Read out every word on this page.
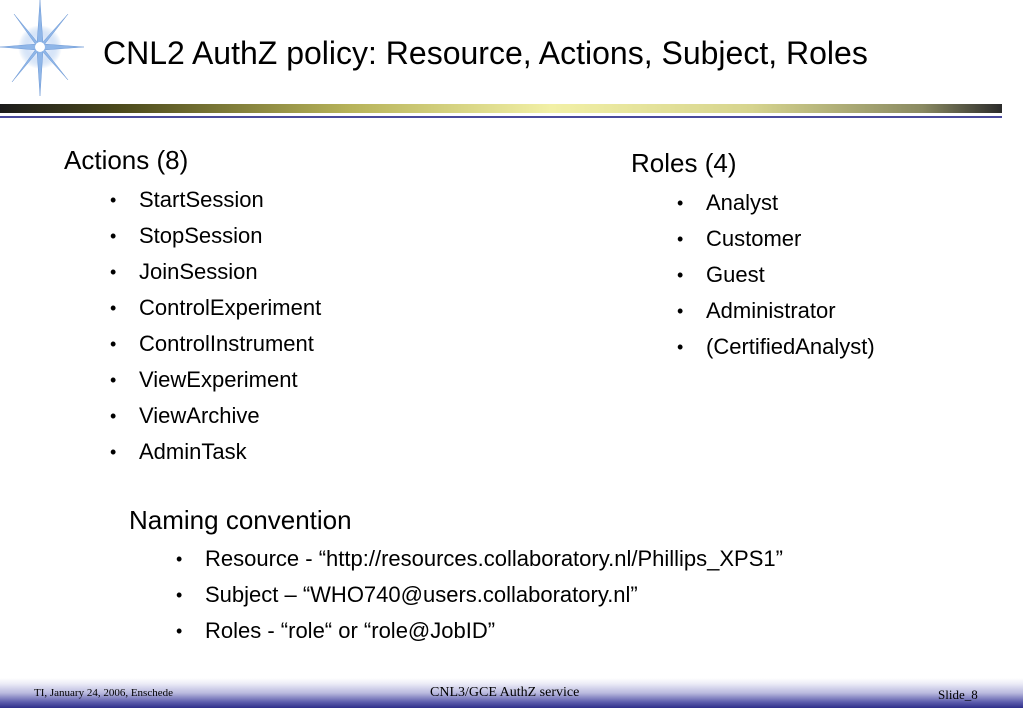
CNL2 AuthZ policy: Resource, Actions, Subject, Roles
Actions (8)
• StartSession
• StopSession
• JoinSession
• ControlExperiment
• ControlInstrument
• ViewExperiment
• ViewArchive
• AdminTask
Roles (4)
• Analyst
• Customer
• Guest
• Administrator
• (CertifiedAnalyst)
Naming convention
• Resource - “http://resources.collaboratory.nl/Phillips_XPS1”
• Subject – “WHO740@users.collaboratory.nl”
• Roles - “role“ or “role@JobID”
TI, January 24, 2006, Enschede	CNL3/GCE AuthZ service	Slide_8
